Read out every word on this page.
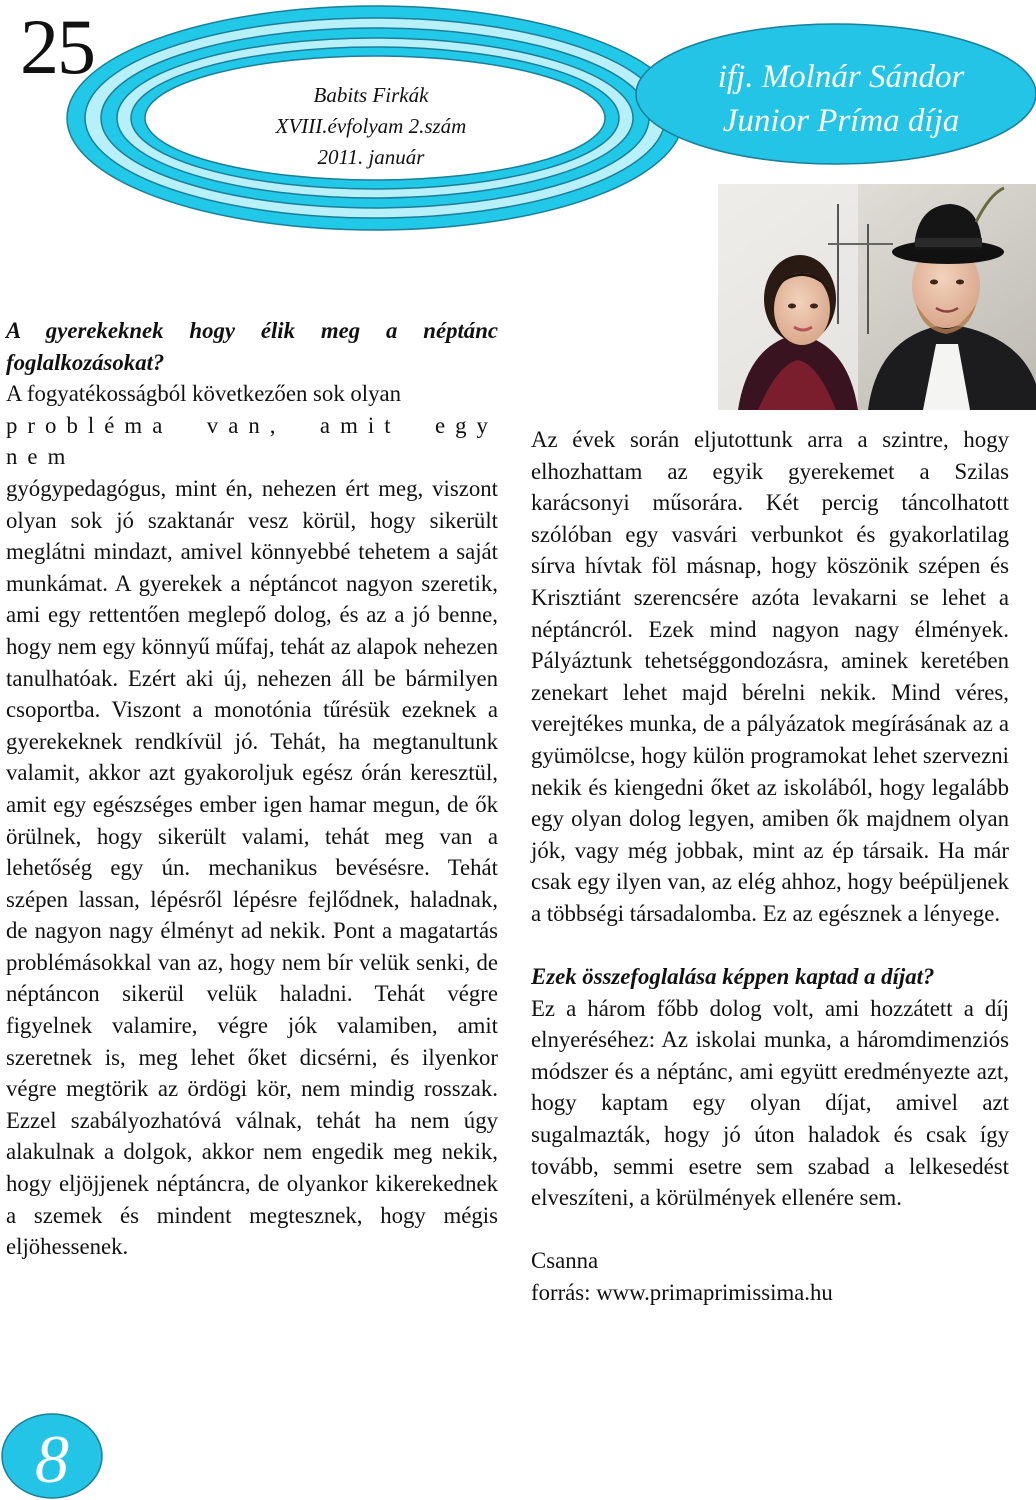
25
Babits Firkák
XVIII.évfolyam 2.szám
2011. január
ifj. Molnár Sándor
Junior Príma díja

A gyerekeknek hogy élik meg a néptánc foglalkozásokat?

A fogyatékosságból következően sok olyan

probléma van, amit egy nem

gyógypedagógus, mint én, nehezen ért meg, viszont olyan sok jó szaktanár vesz körül, hogy sikerült meglátni mindazt, amivel könnyebbé tehetem a saját munkámat. A gyerekek a néptáncot nagyon szeretik, ami egy rettentően meglepő dolog, és az a jó benne, hogy nem egy könnyű műfaj, tehát az alapok nehezen tanulhatóak. Ezért aki új, nehezen áll be bármilyen csoportba. Viszont a monotónia tűrésük ezeknek a gyerekeknek rendkívül jó. Tehát, ha megtanultunk valamit, akkor azt gyakoroljuk egész órán keresztül, amit egy egészséges ember igen hamar megun, de ők örülnek, hogy sikerült valami, tehát meg van a lehetőség egy ún. mechanikus bevésésre. Tehát szépen lassan, lépésről lépésre fejlődnek, haladnak, de nagyon nagy élményt ad nekik. Pont a magatartás problémásokkal van az, hogy nem bír velük senki, de néptáncon sikerül velük haladni. Tehát végre figyelnek valamire, végre jók valamiben, amit szeretnek is, meg lehet őket dicsérni, és ilyenkor végre megtörik az ördögi kör, nem mindig rosszak. Ezzel szabályozhatóvá válnak, tehát ha nem úgy alakulnak a dolgok, akkor nem engedik meg nekik, hogy eljöjjenek néptáncra, de olyankor kikerekednek a szemek és mindent megtesznek, hogy mégis eljöhessenek.

Az évek során eljutottunk arra a szintre, hogy elhozhattam az egyik gyerekemet a Szilas karácsonyi műsorára. Két percig táncolhatott szólóban egy vasvári verbunkot és gyakorlatilag sírva hívtak föl másnap, hogy köszönik szépen és Krisztiánt szerencsére azóta levakarni se lehet a néptáncról. Ezek mind nagyon nagy élmények. Pályáztunk tehetséggondozásra, aminek keretében zenekart lehet majd bérelni nekik. Mind véres, verejtékes munka, de a pályázatok megírásának az a gyümölcse, hogy külön programokat lehet szervezni nekik és kiengedni őket az iskolából, hogy legalább egy olyan dolog legyen, amiben ők majdnem olyan jók, vagy még jobbak, mint az ép társaik. Ha már csak egy ilyen van, az elég ahhoz, hogy beépüljenek a többségi társadalomba. Ez az egésznek a lényege.

Ezek összefoglalása képpen kaptad a díjat?

Ez a három főbb dolog volt, ami hozzátett a díj elnyeréséhez: Az iskolai munka, a háromdimenziós módszer és a néptánc, ami együtt eredményezte azt, hogy kaptam egy olyan díjat, amivel azt sugalmazták, hogy jó úton haladok és csak így tovább, semmi esetre sem szabad a lelkesedést elveszíteni, a körülmények ellenére sem.

Csanna

forrás: www.primaprimissima.hu

8
